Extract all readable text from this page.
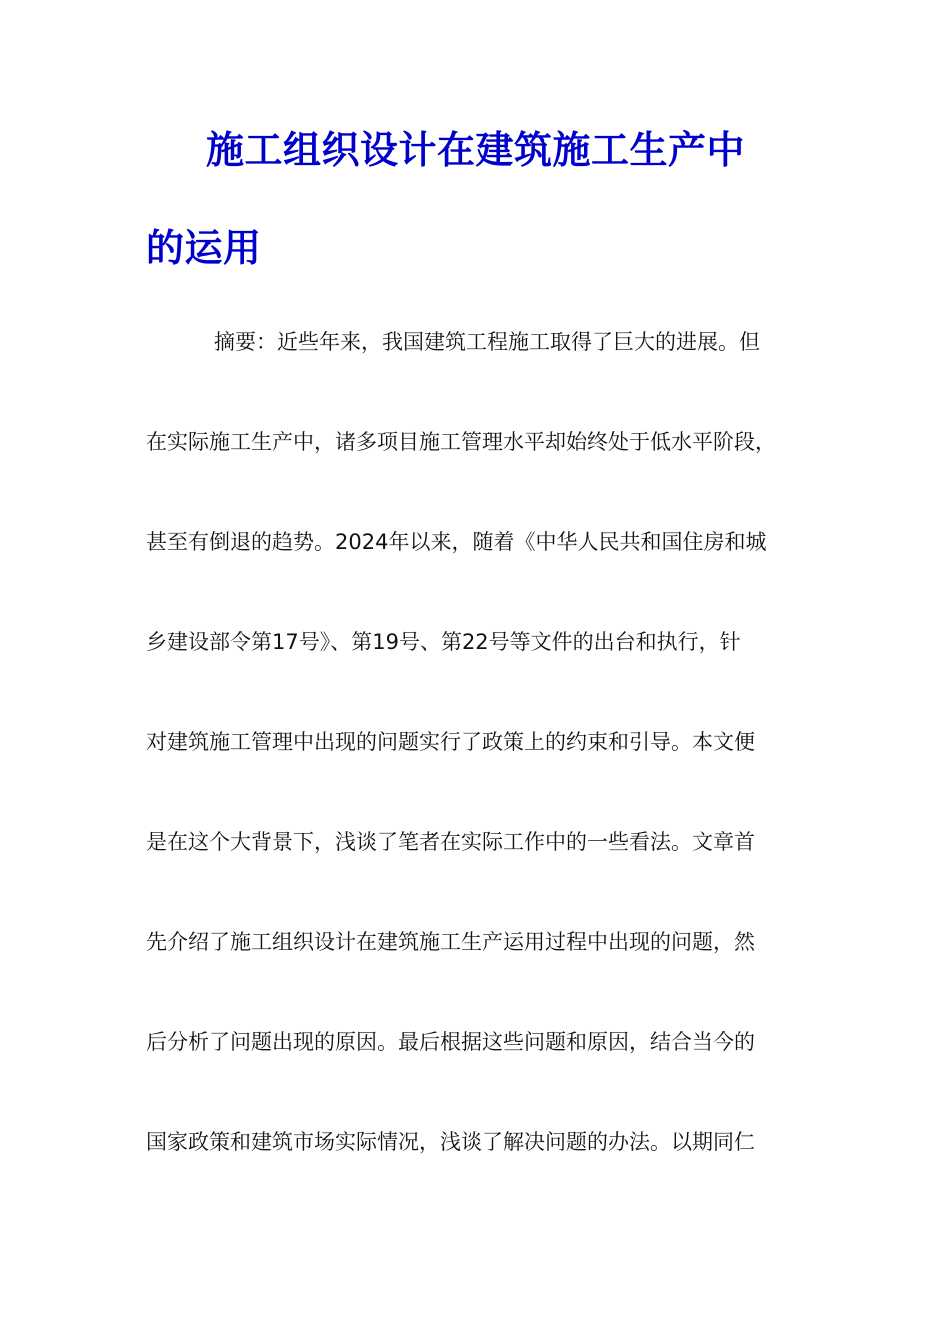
施工组织设计在建筑施工生产中
的运用
摘要：近些年来，我国建筑工程施工取得了巨大的进展。但
在实际施工生产中，诸多项目施工管理水平却始终处于低水平阶段，
甚至有倒退的趋势。2024年以来，随着《中华人民共和国住房和城
乡建设部令第17号》、第19号、第22号等文件的出台和执行，针
对建筑施工管理中出现的问题实行了政策上的约束和引导。本文便
是在这个大背景下，浅谈了笔者在实际工作中的一些看法。文章首
先介绍了施工组织设计在建筑施工生产运用过程中出现的问题，然
后分析了问题出现的原因。最后根据这些问题和原因，结合当今的
国家政策和建筑市场实际情况，浅谈了解决问题的办法。以期同仁
